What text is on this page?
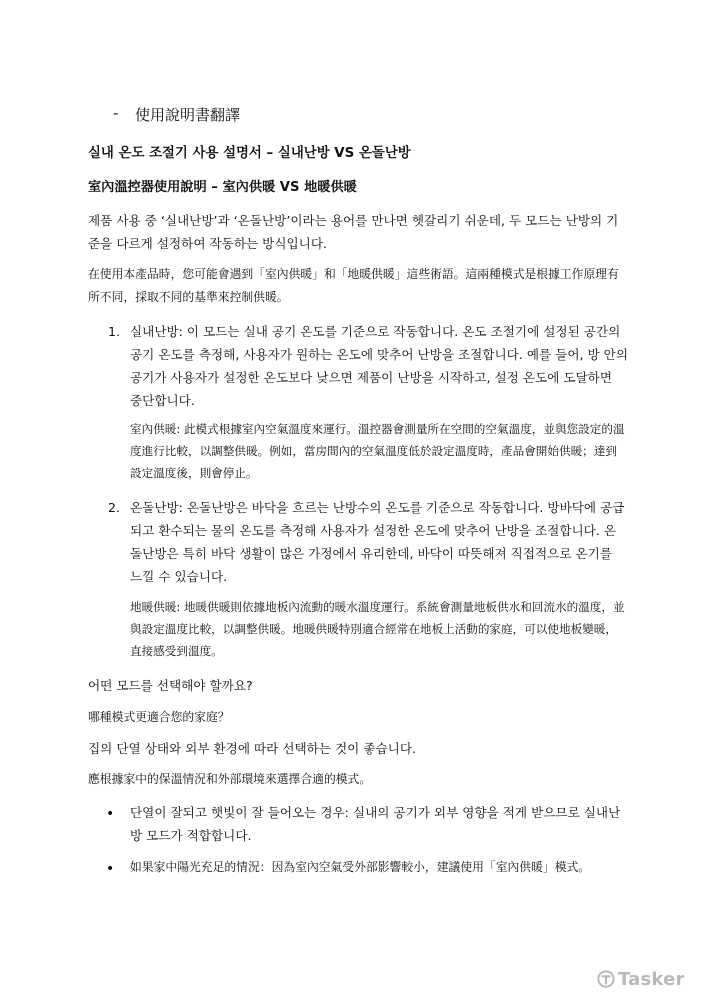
- 使用說明書翻譯

실내 온도 조절기 사용 설명서 – 실내난방 VS 온돌난방

室內溫控器使用說明 – 室內供暖 VS 地暖供暖

제품 사용 중 ‘실내난방’과 ‘온돌난방’이라는 용어를 만나면 헷갈리기 쉬운데, 두 모드는 난방의 기준을 다르게 설정하여 작동하는 방식입니다.

在使用本產品時，您可能會遇到「室內供暖」和「地暖供暖」這些術語。這兩種模式是根據工作原理有所不同，採取不同的基準來控制供暖。

1. 실내난방: 이 모드는 실내 공기 온도를 기준으로 작동합니다. 온도 조절기에 설정된 공간의 공기 온도를 측정해, 사용자가 원하는 온도에 맞추어 난방을 조절합니다. 예를 들어, 방 안의 공기가 사용자가 설정한 온도보다 낮으면 제품이 난방을 시작하고, 설정 온도에 도달하면 중단합니다.

室內供暖: 此模式根據室內空氣溫度來運行。溫控器會測量所在空間的空氣溫度，並與您設定的溫度進行比較，以調整供暖。例如，當房間內的空氣溫度低於設定溫度時，產品會開始供暖；達到設定溫度後，則會停止。

2. 온돌난방: 온돌난방은 바닥을 흐르는 난방수의 온도를 기준으로 작동합니다. 방바닥에 공급되고 환수되는 물의 온도를 측정해 사용자가 설정한 온도에 맞추어 난방을 조절합니다. 온돌난방은 특히 바닥 생활이 많은 가정에서 유리한데, 바닥이 따뜻해져 직접적으로 온기를 느낄 수 있습니다.

地暖供暖: 地暖供暖則依據地板內流動的暖水溫度運行。系統會測量地板供水和回流水的溫度，並與設定溫度比較，以調整供暖。地暖供暖特別適合經常在地板上活動的家庭，可以使地板變暖，直接感受到溫度。

어떤 모드를 선택해야 할까요?

哪種模式更適合您的家庭？

집의 단열 상태와 외부 환경에 따라 선택하는 것이 좋습니다.

應根據家中的保溫情況和外部環境來選擇合適的模式。

• 단열이 잘되고 햇빛이 잘 들어오는 경우: 실내의 공기가 외부 영향을 적게 받으므로 실내난방 모드가 적합합니다.

• 如果家中陽光充足的情況：因為室內空氣受外部影響較小，建議使用「室內供暖」模式。

Tasker
